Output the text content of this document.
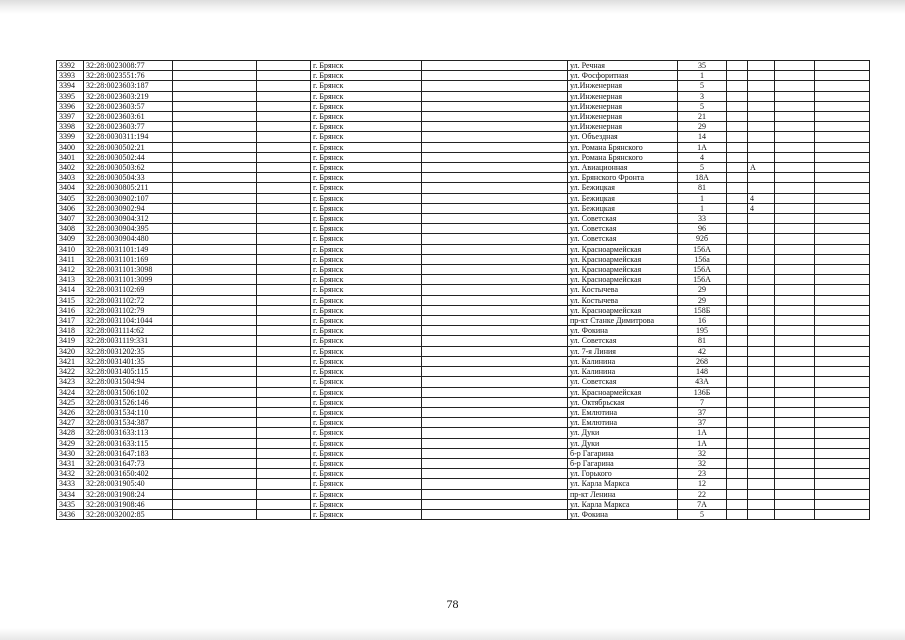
3392	32:28:0023008:77			г. Брянск		ул. Речная	35				
3393	32:28:0023551:76			г. Брянск		ул. Фосфоритная	1				
3394	32:28:0023603:187			г. Брянск		ул.Инженерная	5				
3395	32:28:0023603:219			г. Брянск		ул.Инженерная	3				
3396	32:28:0023603:57			г. Брянск		ул.Инженерная	5				
3397	32:28:0023603:61			г. Брянск		ул.Инженерная	21				
3398	32:28:0023603:77			г. Брянск		ул.Инженерная	29				
3399	32:28:0030311:194			г. Брянск		ул. Объездная	14				
3400	32:28:0030502:21			г. Брянск		ул. Романа Брянского	1А				
3401	32:28:0030502:44			г. Брянск		ул. Романа Брянского	4				
3402	32:28:0030503:62			г. Брянск		ул. Авиационная	5		А		
3403	32:28:0030504:33			г. Брянск		ул. Брянского Фронта	18А				
3404	32:28:0030805:211			г. Брянск		ул. Бежицкая	81				
3405	32:28:0030902:107			г. Брянск		ул. Бежицкая	1		4		
3406	32:28:0030902:94			г. Брянск		ул. Бежицкая	1		4		
3407	32:28:0030904:312			г. Брянск		ул. Советская	33				
3408	32:28:0030904:395			г. Брянск		ул. Советская	96				
3409	32:28:0030904:480			г. Брянск		ул. Советская	92б				
3410	32:28:0031101:149			г. Брянск		ул. Красноармейская	156А				
3411	32:28:0031101:169			г. Брянск		ул. Красноармейская	156а				
3412	32:28:0031101:3098			г. Брянск		ул. Красноармейская	156А				
3413	32:28:0031101:3099			г. Брянск		ул. Красноармейская	156А				
3414	32:28:0031102:69			г. Брянск		ул. Костычева	29				
3415	32:28:0031102:72			г. Брянск		ул. Костычева	29				
3416	32:28:0031102:79			г. Брянск		ул. Красноармейская	158Б				
3417	32:28:0031104:1044			г. Брянск		пр-кт Станке Димитрова	16				
3418	32:28:0031114:62			г. Брянск		ул. Фокина	195				
3419	32:28:0031119:331			г. Брянск		ул. Советская	81				
3420	32:28:0031202:35			г. Брянск		ул. 7-я Линия	42				
3421	32:28:0031401:35			г. Брянск		ул. Калинина	268				
3422	32:28:0031405:115			г. Брянск		ул. Калинина	148				
3423	32:28:0031504:94			г. Брянск		ул. Советская	43А				
3424	32:28:0031506:102			г. Брянск		ул. Красноармейская	136Б				
3425	32:28:0031526:146			г. Брянск		ул. Октябрьская	7				
3426	32:28:0031534:110			г. Брянск		ул. Емлютина	37				
3427	32:28:0031534:387			г. Брянск		ул. Емлютина	37				
3428	32:28:0031633:113			г. Брянск		ул. Дуки	1А				
3429	32:28:0031633:115			г. Брянск		ул. Дуки	1А				
3430	32:28:0031647:183			г. Брянск		б-р Гагарина	32				
3431	32:28:0031647:73			г. Брянск		б-р Гагарина	32				
3432	32:28:0031650:402			г. Брянск		ул. Горького	23				
3433	32:28:0031905:40			г. Брянск		ул. Карла Маркса	12				
3434	32:28:0031908:24			г. Брянск		пр-кт Ленина	22				
3435	32:28:0031908:46			г. Брянск		ул. Карла Маркса	7А				
3436	32:28:0032002:85			г. Брянск		ул. Фокина	5				
78
